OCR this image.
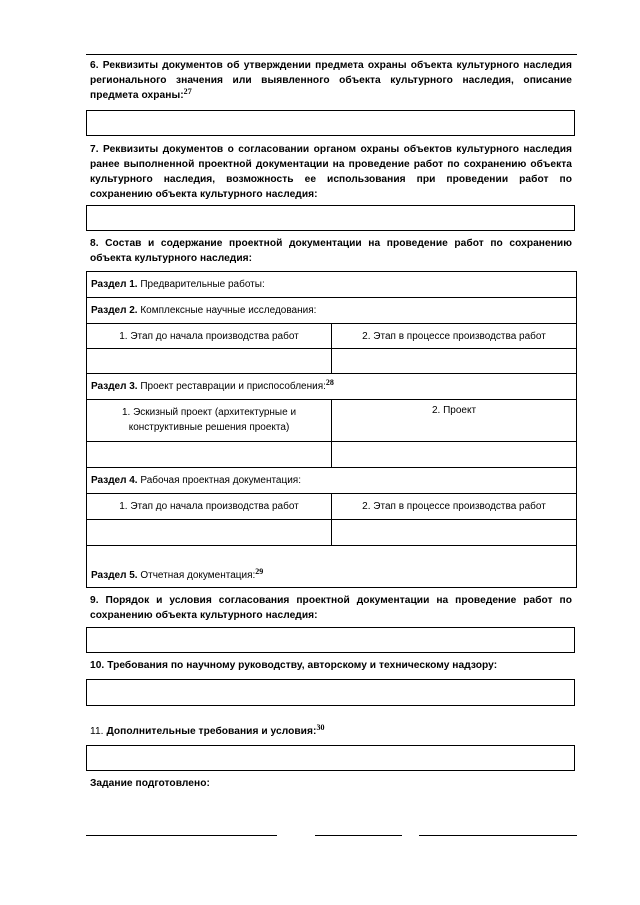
6. Реквизиты документов об утверждении предмета охраны объекта культурного наследия регионального значения или выявленного объекта культурного наследия, описание предмета охраны:$^{27}$
7. Реквизиты документов о согласовании органом охраны объектов культурного наследия ранее выполненной проектной документации на проведение работ по сохранению объекта культурного наследия, возможность ее использования при проведении работ по сохранению объекта культурного наследия:
8. Состав и содержание проектной документации на проведение работ по сохранению объекта культурного наследия:
Раздел 1. Предварительные работы:	
Раздел 2. Комплексные научные исследования:	
1. Этап до начала производства работ	2. Этап в процессе производства работ

Раздел 3. Проект реставрации и приспособления:$^{28}$
1. Эскизный проект (архитектурные и конструктивные решения проекта)	2. Проект

Раздел 4. Рабочая проектная документация:	
1. Этап до начала производства работ	2. Этап в процессе производства работ

Раздел 5. Отчетная документация:$^{29}$
9. Порядок и условия согласования проектной документации на проведение работ по сохранению объекта культурного наследия:
10. Требования по научному руководству, авторскому и техническому надзору:
11. Дополнительные требования и условия:$^{30}$
Задание подготовлено:
